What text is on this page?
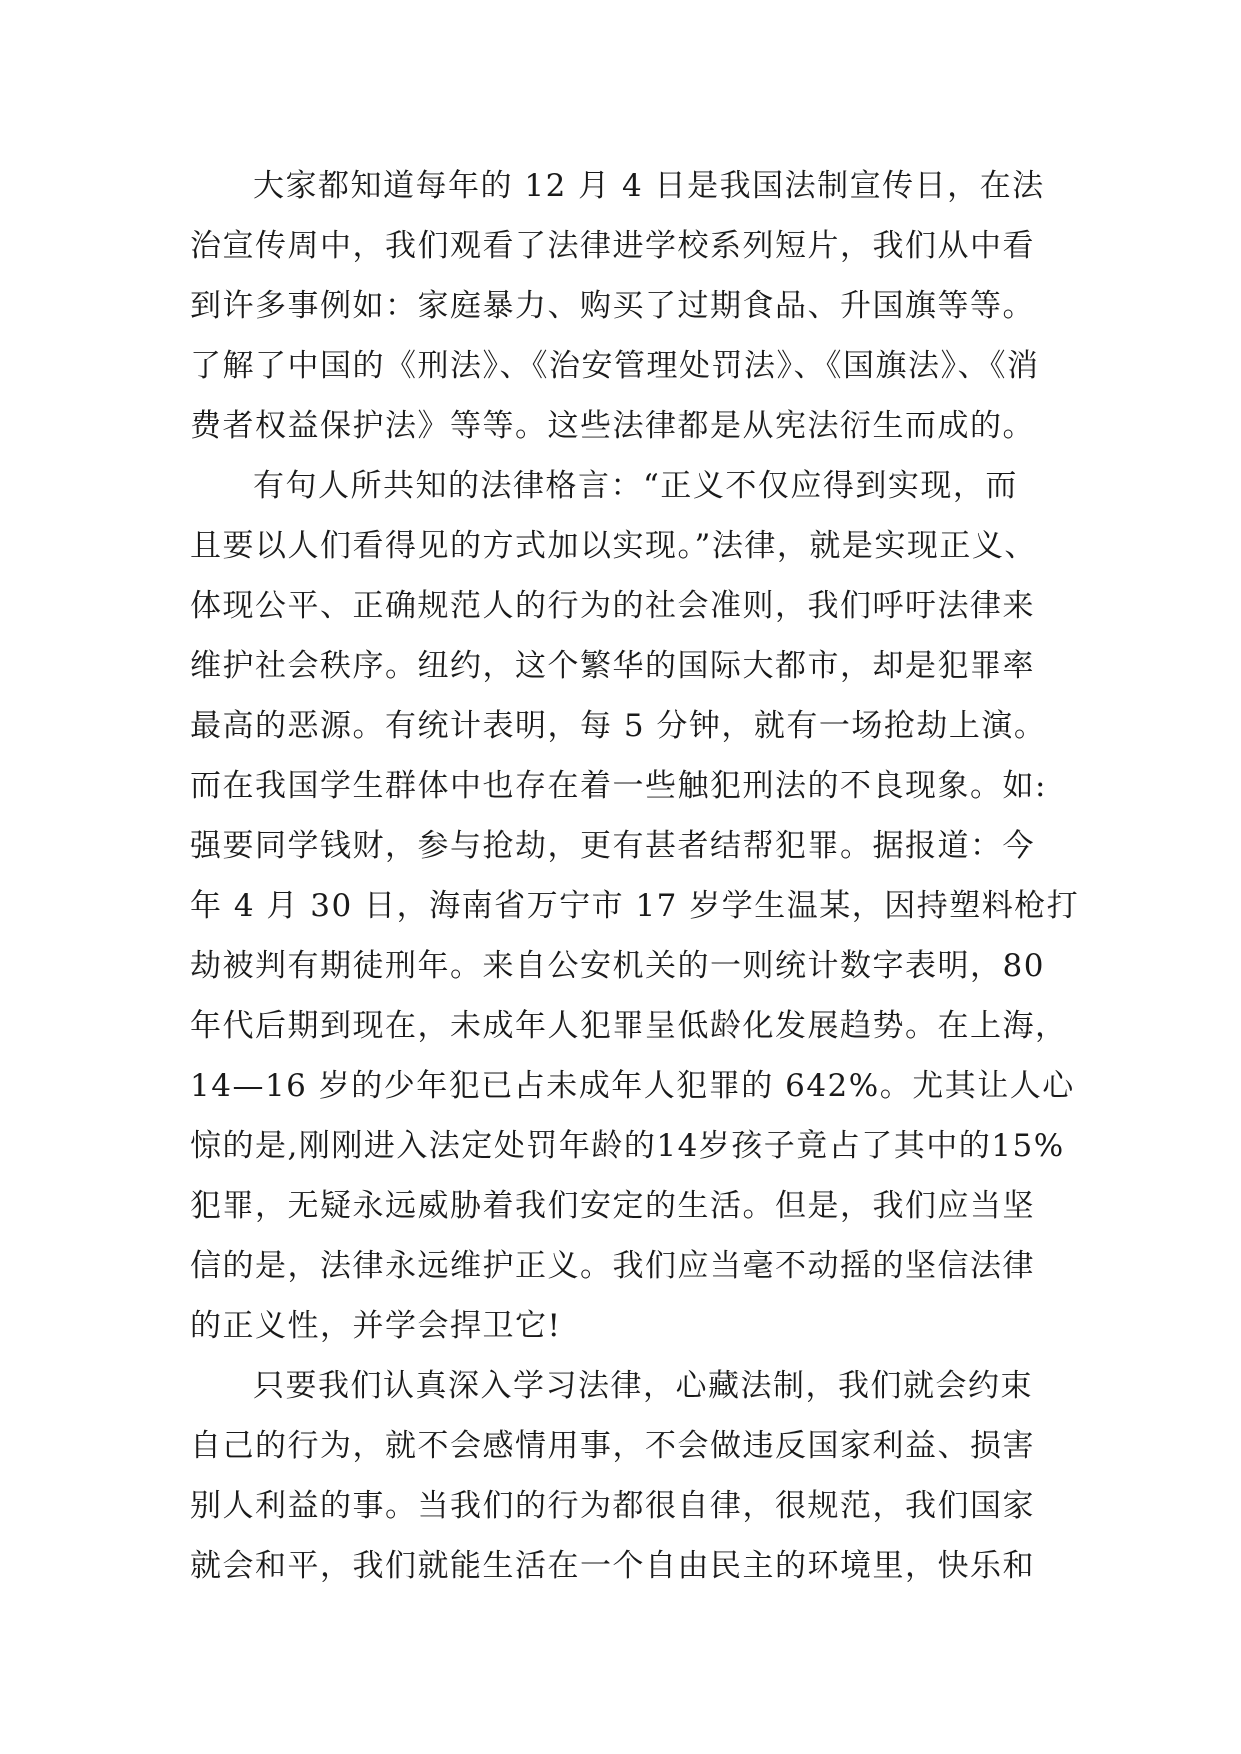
大家都知道每年的 12 月 4 日是我国法制宣传日，在法
治宣传周中，我们观看了法律进学校系列短片，我们从中看
到许多事例如：家庭暴力、购买了过期食品、升国旗等等。
了解了中国的《刑法》、《治安管理处罚法》、《国旗法》、《消
费者权益保护法》等等。这些法律都是从宪法衍生而成的。
有句人所共知的法律格言：“正义不仅应得到实现，而
且要以人们看得见的方式加以实现。”法律，就是实现正义、
体现公平、正确规范人的行为的社会准则，我们呼吁法律来
维护社会秩序。纽约，这个繁华的国际大都市，却是犯罪率
最高的恶源。有统计表明，每 5 分钟，就有一场抢劫上演。
而在我国学生群体中也存在着一些触犯刑法的不良现象。如:
强要同学钱财，参与抢劫，更有甚者结帮犯罪。据报道：今
年 4 月 30 日，海南省万宁市 17 岁学生温某，因持塑料枪打
劫被判有期徒刑年。来自公安机关的一则统计数字表明，80
年代后期到现在，未成年人犯罪呈低龄化发展趋势。在上海，
14—16 岁的少年犯已占未成年人犯罪的 642%。尤其让人心
惊的是,刚刚进入法定处罚年龄的14岁孩子竟占了其中的15%
犯罪，无疑永远威胁着我们安定的生活。但是，我们应当坚
信的是，法律永远维护正义。我们应当毫不动摇的坚信法律
的正义性，并学会捍卫它!
只要我们认真深入学习法律，心藏法制，我们就会约束
自己的行为，就不会感情用事，不会做违反国家利益、损害
别人利益的事。当我们的行为都很自律，很规范，我们国家
就会和平，我们就能生活在一个自由民主的环境里，快乐和
